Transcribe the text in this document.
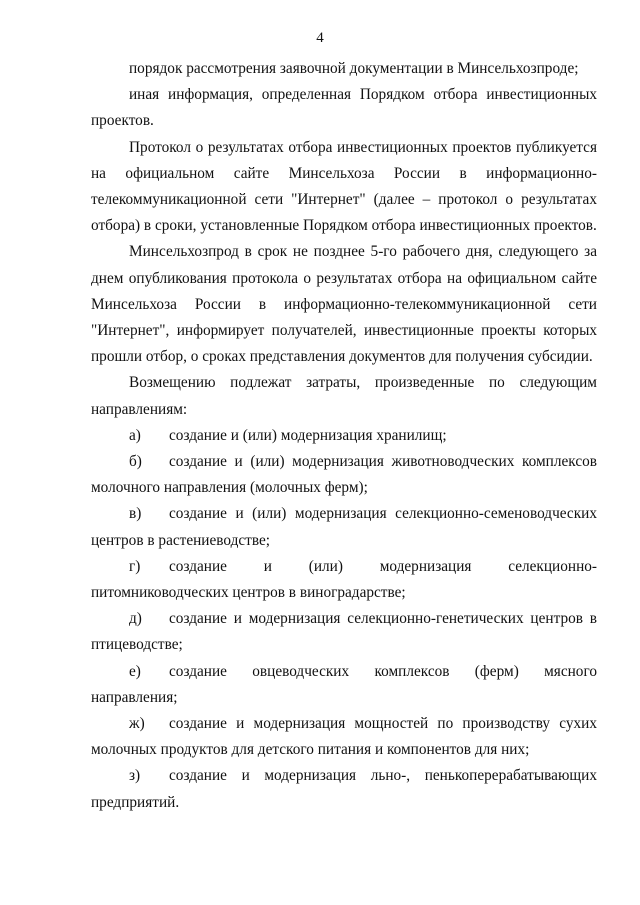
4

порядок рассмотрения заявочной документации в Минсельхозпроде;

иная информация, определенная Порядком отбора инвестиционных проектов.

Протокол о результатах отбора инвестиционных проектов публикуется на официальном сайте Минсельхоза России в информационно-телекоммуникационной сети "Интернет" (далее – протокол о результатах отбора) в сроки, установленные Порядком отбора инвестиционных проектов.

Минсельхозпрод в срок не позднее 5-го рабочего дня, следующего за днем опубликования протокола о результатах отбора на официальном сайте Минсельхоза России в информационно-телекоммуникационной сети "Интернет", информирует получателей, инвестиционные проекты которых прошли отбор, о сроках представления документов для получения субсидии.

Возмещению подлежат затраты, произведенные по следующим направлениям:

а) создание и (или) модернизация хранилищ;

б) создание и (или) модернизация животноводческих комплексов молочного направления (молочных ферм);

в) создание и (или) модернизация селекционно-семеноводческих центров в растениеводстве;

г) создание и (или) модернизация селекционно-питомниководческих центров в виноградарстве;

д) создание и модернизация селекционно-генетических центров в птицеводстве;

е) создание овцеводческих комплексов (ферм) мясного направления;

ж) создание и модернизация мощностей по производству сухих молочных продуктов для детского питания и компонентов для них;

з) создание и модернизация льно-, пенькоперерабатывающих предприятий.
